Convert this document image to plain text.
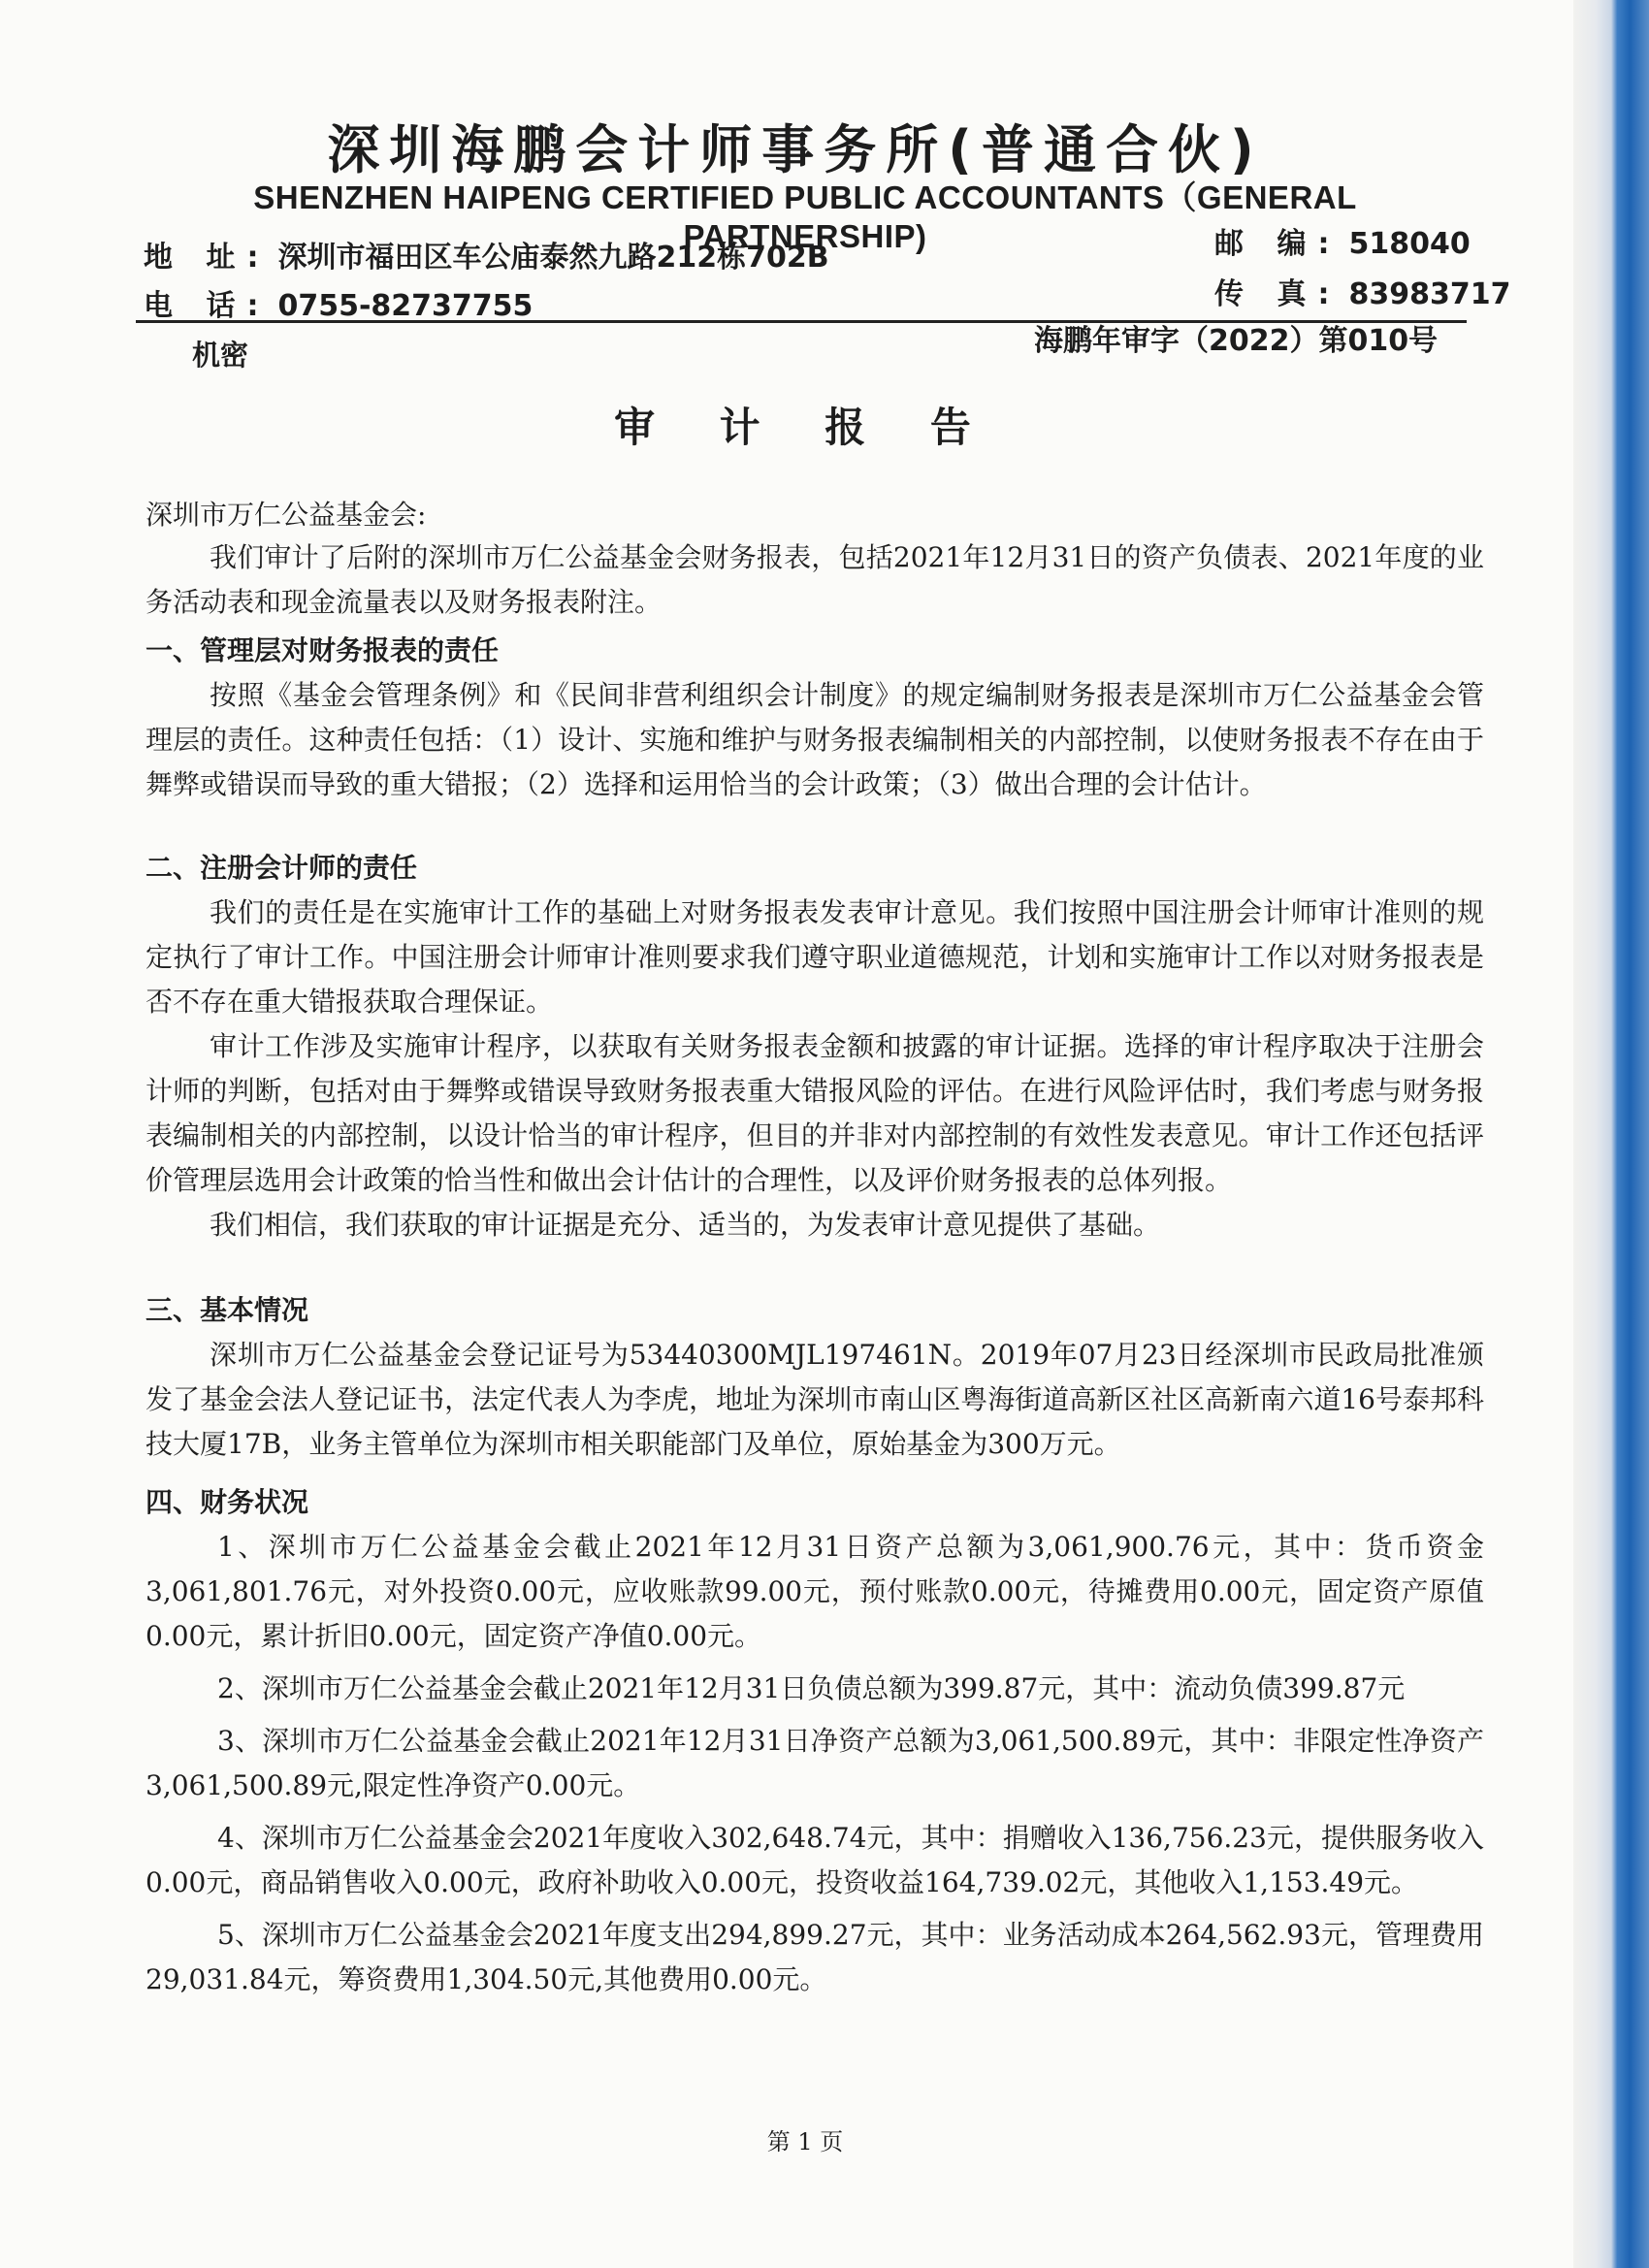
深圳海鹏会计师事务所(普通合伙)
SHENZHEN HAIPENG CERTIFIED PUBLIC ACCOUNTANTS（GENERAL PARTNERSHIP)
地 址: 深圳市福田区车公庙泰然九路212栋702B	邮 编: 518040
电 话: 0755-82737755	传 真: 83983717
机密	海鹏年审字（2022）第010号
审 计 报 告
深圳市万仁公益基金会:

我们审计了后附的深圳市万仁公益基金会财务报表，包括2021年12月31日的资产负债表、2021年度的业务活动表和现金流量表以及财务报表附注。

一、管理层对财务报表的责任

按照《基金会管理条例》和《民间非营利组织会计制度》的规定编制财务报表是深圳市万仁公益基金会管理层的责任。这种责任包括：（1）设计、实施和维护与财务报表编制相关的内部控制，以使财务报表不存在由于舞弊或错误而导致的重大错报；（2）选择和运用恰当的会计政策；（3）做出合理的会计估计。

二、注册会计师的责任

我们的责任是在实施审计工作的基础上对财务报表发表审计意见。我们按照中国注册会计师审计准则的规定执行了审计工作。中国注册会计师审计准则要求我们遵守职业道德规范，计划和实施审计工作以对财务报表是否不存在重大错报获取合理保证。

审计工作涉及实施审计程序，以获取有关财务报表金额和披露的审计证据。选择的审计程序取决于注册会计师的判断，包括对由于舞弊或错误导致财务报表重大错报风险的评估。在进行风险评估时，我们考虑与财务报表编制相关的内部控制，以设计恰当的审计程序，但目的并非对内部控制的有效性发表意见。审计工作还包括评价管理层选用会计政策的恰当性和做出会计估计的合理性，以及评价财务报表的总体列报。

我们相信，我们获取的审计证据是充分、适当的，为发表审计意见提供了基础。

三、基本情况

深圳市万仁公益基金会登记证号为53440300MJL197461N。2019年07月23日经深圳市民政局批准颁发了基金会法人登记证书，法定代表人为李虎，地址为深圳市南山区粤海街道高新区社区高新南六道16号泰邦科技大厦17B，业务主管单位为深圳市相关职能部门及单位，原始基金为300万元。

四、财务状况

1、深圳市万仁公益基金会截止2021年12月31日资产总额为3,061,900.76元，其中：货币资金3,061,801.76元，对外投资0.00元，应收账款99.00元，预付账款0.00元，待摊费用0.00元，固定资产原值0.00元，累计折旧0.00元，固定资产净值0.00元。

2、深圳市万仁公益基金会截止2021年12月31日负债总额为399.87元，其中：流动负债399.87元

3、深圳市万仁公益基金会截止2021年12月31日净资产总额为3,061,500.89元，其中：非限定性净资产3,061,500.89元,限定性净资产0.00元。

4、深圳市万仁公益基金会2021年度收入302,648.74元，其中：捐赠收入136,756.23元，提供服务收入0.00元，商品销售收入0.00元，政府补助收入0.00元，投资收益164,739.02元，其他收入1,153.49元。

5、深圳市万仁公益基金会2021年度支出294,899.27元，其中：业务活动成本264,562.93元，管理费用29,031.84元，筹资费用1,304.50元,其他费用0.00元。

第 1 页
